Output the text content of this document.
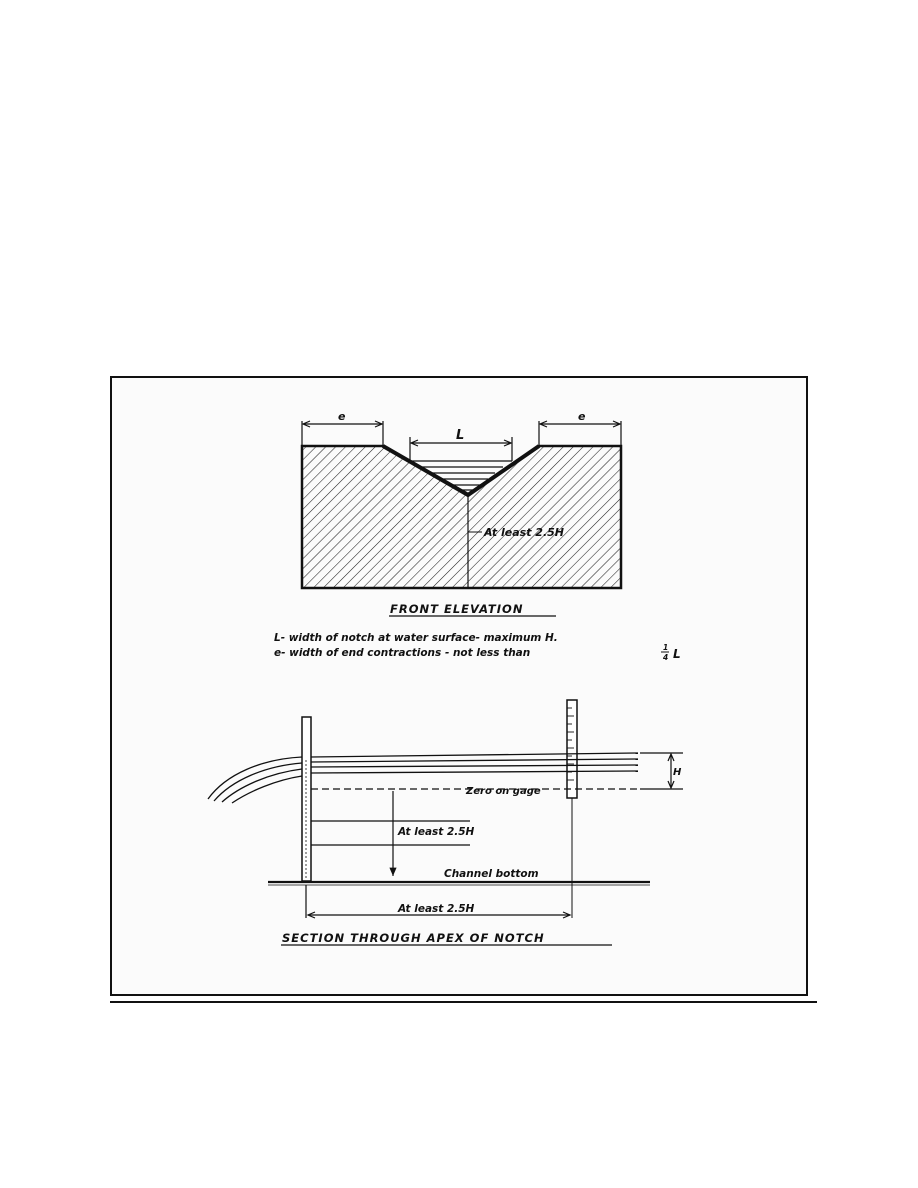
At least 2.5H
e	e
L
FRONT ELEVATION
L- width of notch at water surface- maximum H.
e- width of end contractions - not less than	1
4 L
H
Zero on gage
At least 2.5H
Channel bottom
At least 2.5H
SECTION THROUGH APEX OF NOTCH
